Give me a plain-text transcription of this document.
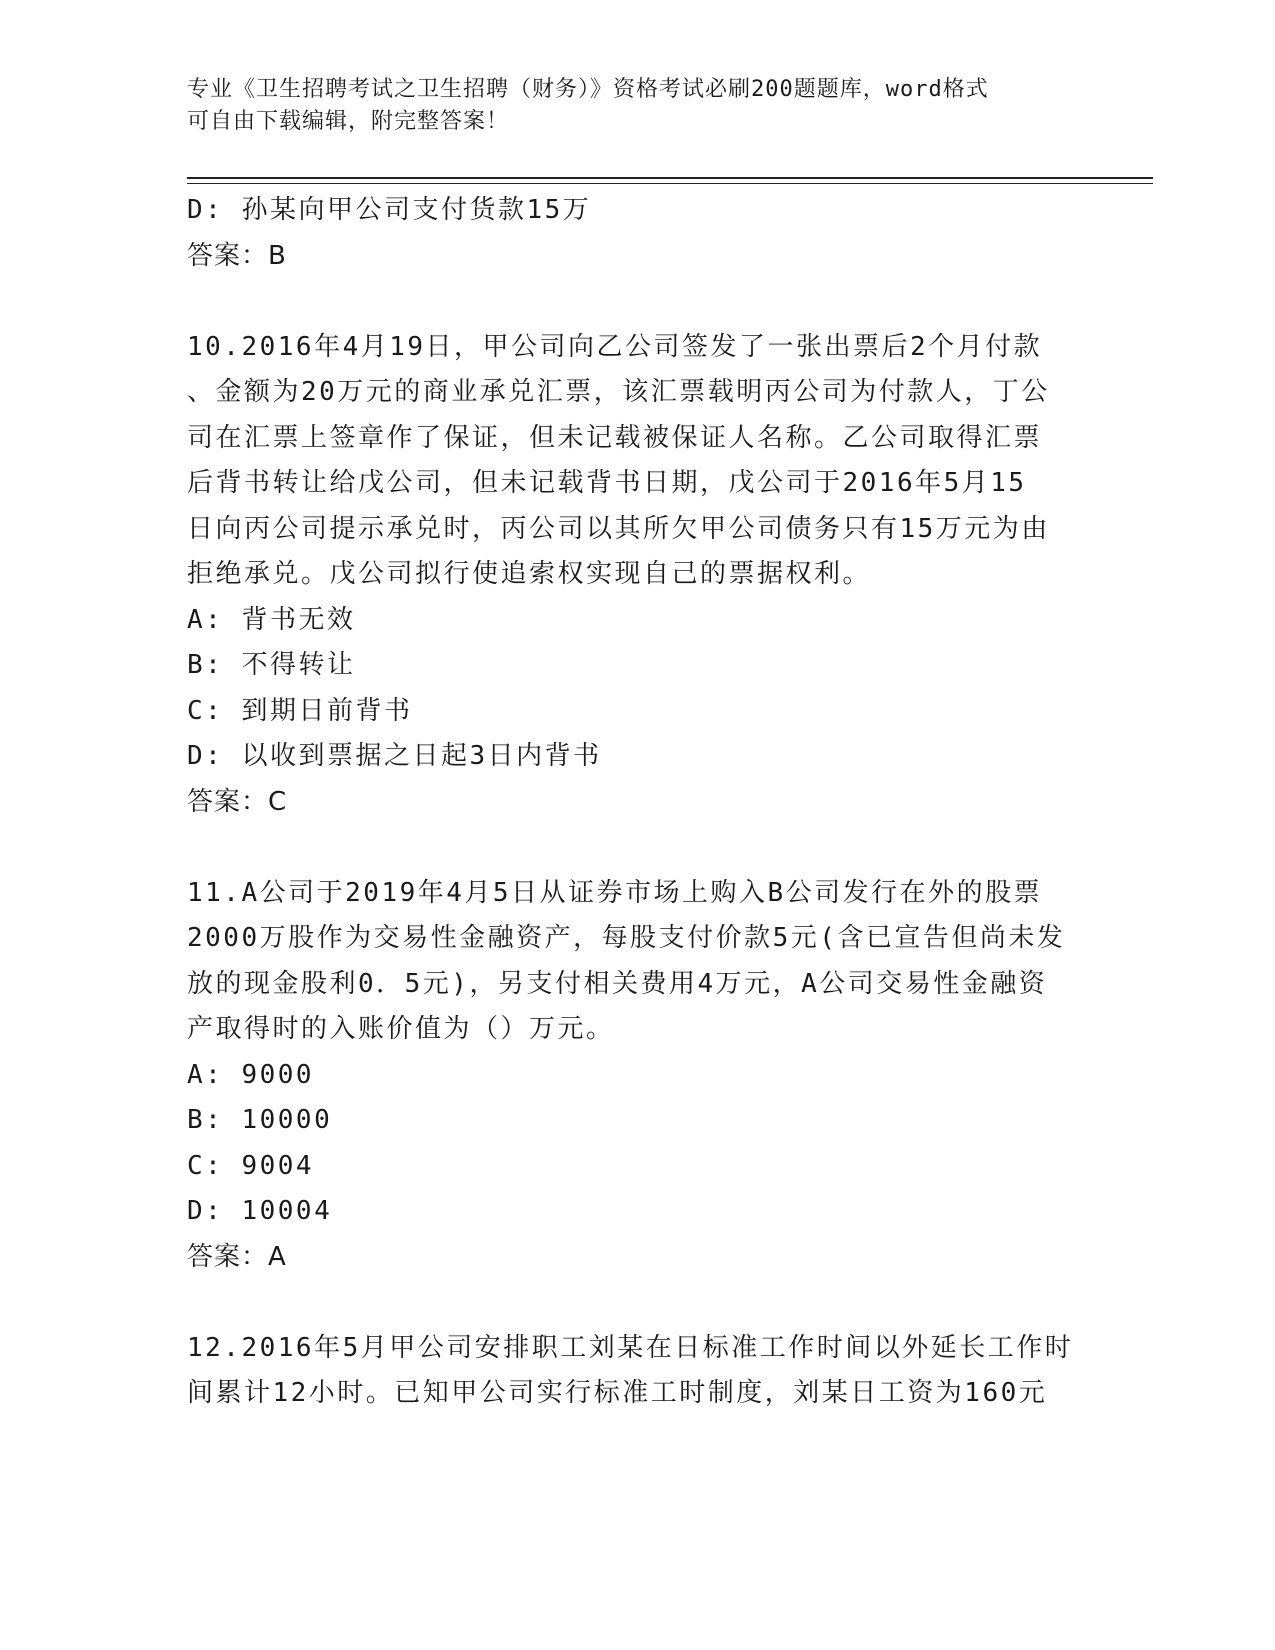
专业《卫生招聘考试之卫生招聘（财务）》资格考试必刷200题题库，word格式
可自由下载编辑，附完整答案！
D: 孙某向甲公司支付货款15万
答案：B
10.2016年4月19日，甲公司向乙公司签发了一张出票后2个月付款
、金额为20万元的商业承兑汇票，该汇票载明丙公司为付款人，丁公
司在汇票上签章作了保证，但未记载被保证人名称。乙公司取得汇票
后背书转让给戊公司，但未记载背书日期，戊公司于2016年5月15
日向丙公司提示承兑时，丙公司以其所欠甲公司债务只有15万元为由
拒绝承兑。戊公司拟行使追索权实现自己的票据权利。
A: 背书无效
B: 不得转让
C: 到期日前背书
D: 以收到票据之日起3日内背书
答案：C
11.A公司于2019年4月5日从证券市场上购入B公司发行在外的股票
2000万股作为交易性金融资产，每股支付价款5元(含已宣告但尚未发
放的现金股利0．5元)，另支付相关费用4万元，A公司交易性金融资
产取得时的入账价值为（）万元。
A: 9000
B: 10000
C: 9004
D: 10004
答案：A
12.2016年5月甲公司安排职工刘某在日标准工作时间以外延长工作时
间累计12小时。已知甲公司实行标准工时制度，刘某日工资为160元
